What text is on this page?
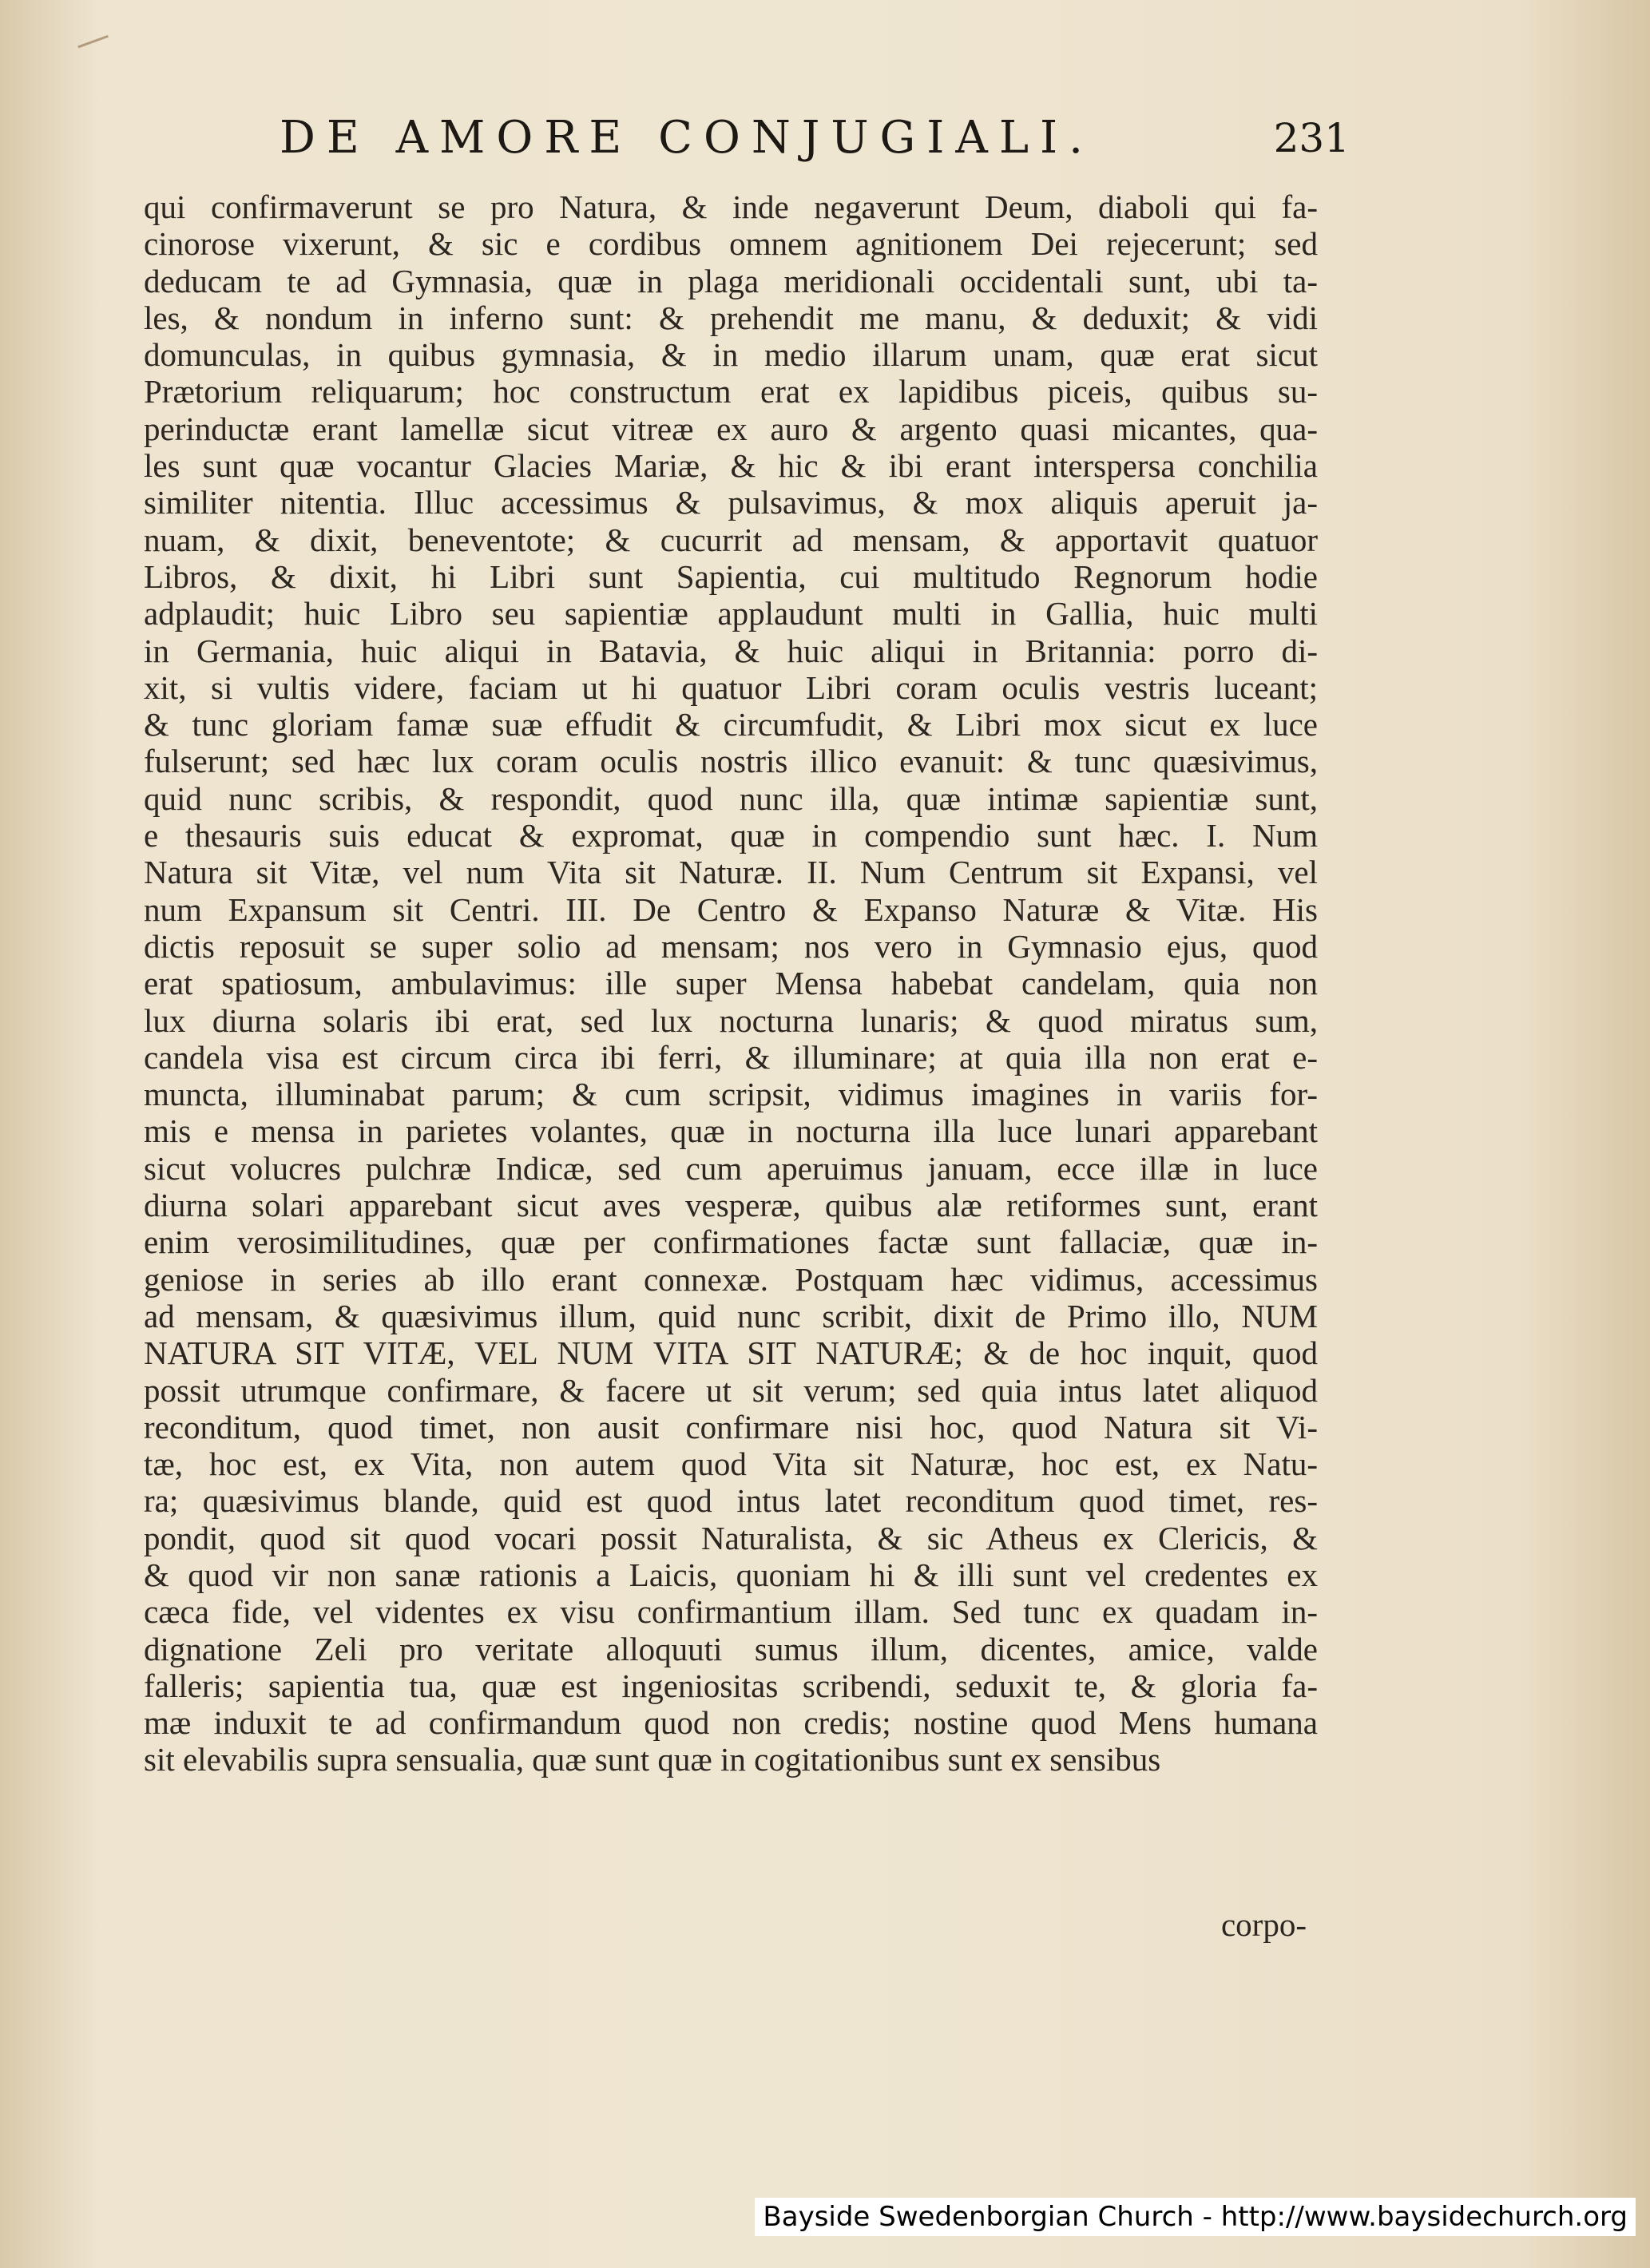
DE AMORE CONJUGIALI.	231
qui confirmaverunt se pro Natura, & inde negaverunt Deum, diaboli qui fa-
cinorose vixerunt, & sic e cordibus omnem agnitionem Dei rejecerunt; sed
deducam te ad Gymnasia, quæ in plaga meridionali occidentali sunt, ubi ta-
les, & nondum in inferno sunt: & prehendit me manu, & deduxit; & vidi
domunculas, in quibus gymnasia, & in medio illarum unam, quæ erat sicut
Prætorium reliquarum; hoc constructum erat ex lapidibus piceis, quibus su-
perinductæ erant lamellæ sicut vitreæ ex auro & argento quasi micantes, qua-
les sunt quæ vocantur Glacies Mariæ, & hic & ibi erant interspersa conchilia
similiter nitentia. Illuc accessimus & pulsavimus, & mox aliquis aperuit ja-
nuam, & dixit, beneventote; & cucurrit ad mensam, & apportavit quatuor
Libros, & dixit, hi Libri sunt Sapientia, cui multitudo Regnorum hodie
adplaudit; huic Libro seu sapientiæ applaudunt multi in Gallia, huic multi
in Germania, huic aliqui in Batavia, & huic aliqui in Britannia: porro di-
xit, si vultis videre, faciam ut hi quatuor Libri coram oculis vestris luceant;
& tunc gloriam famæ suæ effudit & circumfudit, & Libri mox sicut ex luce
fulserunt; sed hæc lux coram oculis nostris illico evanuit: & tunc quæsivimus,
quid nunc scribis, & respondit, quod nunc illa, quæ intimæ sapientiæ sunt,
e thesauris suis educat & expromat, quæ in compendio sunt hæc. I. Num
Natura sit Vitæ, vel num Vita sit Naturæ. II. Num Centrum sit Expansi, vel
num Expansum sit Centri. III. De Centro & Expanso Naturæ & Vitæ. His
dictis reposuit se super solio ad mensam; nos vero in Gymnasio ejus, quod
erat spatiosum, ambulavimus: ille super Mensa habebat candelam, quia non
lux diurna solaris ibi erat, sed lux nocturna lunaris; & quod miratus sum,
candela visa est circum circa ibi ferri, & illuminare; at quia illa non erat e-
muncta, illuminabat parum; & cum scripsit, vidimus imagines in variis for-
mis e mensa in parietes volantes, quæ in nocturna illa luce lunari apparebant
sicut volucres pulchræ Indicæ, sed cum aperuimus januam, ecce illæ in luce
diurna solari apparebant sicut aves vesperæ, quibus alæ retiformes sunt, erant
enim verosimilitudines, quæ per confirmationes factæ sunt fallaciæ, quæ in-
geniose in series ab illo erant connexæ. Postquam hæc vidimus, accessimus
ad mensam, & quæsivimus illum, quid nunc scribit, dixit de Primo illo, NUM
NATURA SIT VITÆ, VEL NUM VITA SIT NATURÆ; & de hoc inquit, quod
possit utrumque confirmare, & facere ut sit verum; sed quia intus latet aliquod
reconditum, quod timet, non ausit confirmare nisi hoc, quod Natura sit Vi-
tæ, hoc est, ex Vita, non autem quod Vita sit Naturæ, hoc est, ex Natu-
ra; quæsivimus blande, quid est quod intus latet reconditum quod timet, res-
pondit, quod sit quod vocari possit Naturalista, & sic Atheus ex Clericis, &
& quod vir non sanæ rationis a Laicis, quoniam hi & illi sunt vel credentes ex
cæca fide, vel videntes ex visu confirmantium illam. Sed tunc ex quadam in-
dignatione Zeli pro veritate alloquuti sumus illum, dicentes, amice, valde
falleris; sapientia tua, quæ est ingeniositas scribendi, seduxit te, & gloria fa-
mæ induxit te ad confirmandum quod non credis; nostine quod Mens humana
sit elevabilis supra sensualia, quæ sunt quæ in cogitationibus sunt ex sensibus
corpo-
Bayside Swedenborgian Church - http://www.baysidechurch.org
